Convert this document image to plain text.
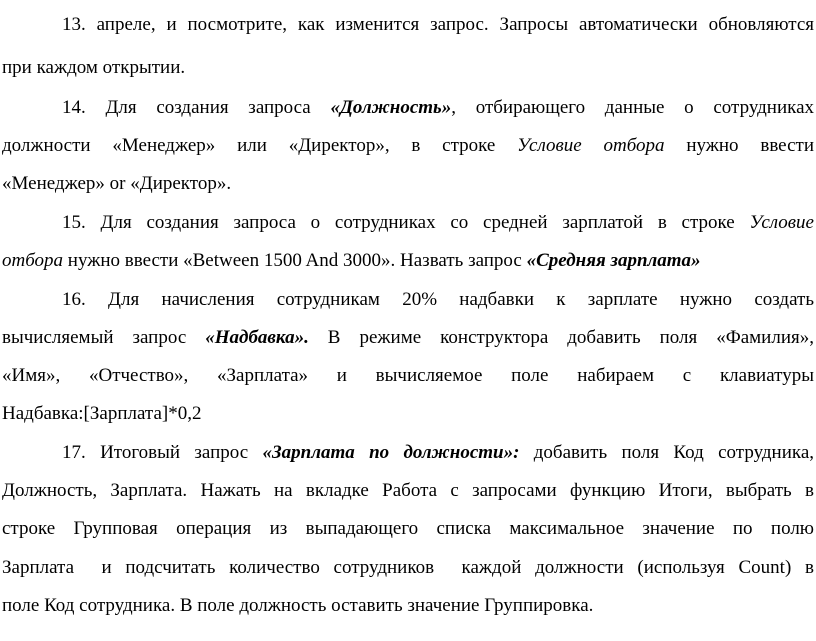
13. апреле, и посмотрите, как изменится запрос. Запросы автоматически обновляются
при каждом открытии.
14. Для создания запроса «Должность», отбирающего данные о сотрудниках
должности «Менеджер» или «Директор», в строке Условие отбора нужно ввести
«Менеджер» or «Директор».
15. Для создания запроса о сотрудниках со средней зарплатой в строке Условие
отбора нужно ввести «Between 1500 And 3000». Назвать запрос «Средняя зарплата»
16. Для начисления сотрудникам 20% надбавки к зарплате нужно создать
вычисляемый запрос «Надбавка». В режиме конструктора добавить поля «Фамилия»,
«Имя», «Отчество», «Зарплата» и вычисляемое поле набираем с клавиатуры
Надбавка:[Зарплата]*0,2
17. Итоговый запрос «Зарплата по должности»: добавить поля Код сотрудника,
Должность, Зарплата. Нажать на вкладке Работа с запросами функцию Итоги, выбрать в
строке Групповая операция из выпадающего списка максимальное значение по полю
Зарплата  и подсчитать количество сотрудников  каждой должности (используя Count) в
поле Код сотрудника. В поле должность оставить значение Группировка.
